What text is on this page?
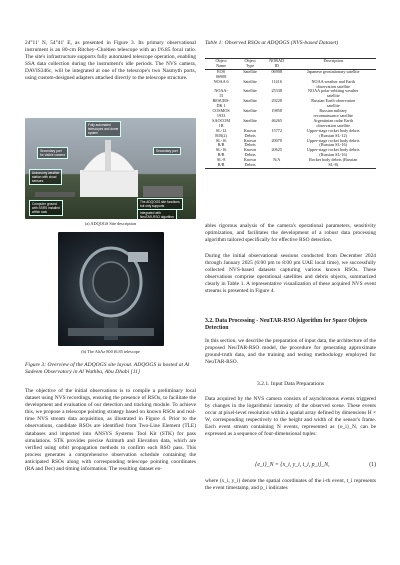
24°11' N, 54°41' E, as presented in Figure 3. Its primary observational instrument is an 80-cm Ritchey–Chrétien telescope with an f/6.85 focal ratio. The site's infrastructure supports fully automated telescope operation, enabling SSA data collection during the instrument's idle periods. The NVS camera, DAVIS346c, will be integrated at one of the telescope's two Nasmyth ports, using custom-designed adapters attached directly to the telescope structure.

Fully automated
telescopes and dome
system
Secondary port
for visible camera
Secondary port
Astronomy weather
station with cloud
sensors
Computer ground
with SSRS installed
within rack
The ADQOGS site functions
but only supports
Integrated with
NeuTAR-RSO algorithm
(a) ADQOGS Site description
(b) The AltAz 800 f6.85 telescope
Figure 3: Overview of the ADQOGS site layout. ADQOGS is hosted at Al Sadeem Observatory in Al Wathba, Abu Dhabi [11]

The objective of the initial observations is to compile a preliminary local dataset using NVS recordings, ensuring the presence of RSOs, to facilitate the development and evaluation of our detection and tracking module. To achieve this, we propose a telescope pointing strategy based on known RSOs and real-time NVS stream data acquisition, as illustrated in Figure 4. Prior to the observations, candidate RSOs are identified from Two-Line Element (TLE) databases and imported into ANSYS Systems Tool Kit (STK) for pass simulations. STK provides precise Azimuth and Elevation data, which are verified using orbit propagation methods to confirm each RSO pass. This process generates a comprehensive observation schedule containing the anticipated RSOs along with corresponding telescope pointing coordinates (RA and Dec) and timing information. The resulting dataset en-

Table 1: Observed RSOs at ADQOGS (NVS-based Dataset)
Object
Name	Object
Type	NORAD
ID	Description
EOS
06908	Satellite	06908	Japanese geostationary satellite
NOAA 6	Satellite	11416	NOAA weather and Earth
observation satellite
NOAA-
15	Satellite	25338	NOAA polar-orbiting weather
satellite
RESURS-
DK 1	Satellite	29228	Russian Earth observation
satellite
COSMOS
1933	Satellite	19858	Russian military
reconnaissance satellite
SAOCOM
1B	Satellite	46265	Argentinian radar Earth
observation satellite
SL-12
R/B(2)	Known
Debris	15772	Upper-stage rocket body debris
(Russian SL-12)
SL-16
R/B	Known
Debris	20070	Upper-stage rocket body debris
(Russian SL-16)
SL-16
R/B	Known
Debris	20625	Upper-stage rocket body debris
(Russian SL-16)
SL-8
R/B	Known
Debris	N/A	Rocket body debris (Russian
SL-8)

ables rigorous analysis of the camera's operational parameters, sensitivity optimization, and facilitates the development of a robust data processing algorithm tailored specifically for effective RSO detection.

During the initial observational sessions conducted from December 2024 through January 2025 (6:00 pm to 8:00 pm UAE local time), we successfully collected NVS-based datasets capturing various known RSOs. These observations comprise operational satellites and debris objects, summarized clearly in Table 1. A representative visualization of these acquired NVS event streams is presented in Figure 4.

3.2. Data Processing - NeuTAR-RSO Algorithm for Space Objects Detection

In this section, we describe the preparation of input data, the architecture of the proposed NeuTAR-RSO model, the procedure for generating approximate ground-truth data, and the training and testing methodology employed for NeuTAR-RSO.

3.2.1. Input Data Preparations

Data acquired by the NVS camera consists of asynchronous events triggered by changes in the logarithmic intensity of the observed scene. These events occur at pixel-level resolution within a spatial array defined by dimensions H × W, corresponding respectively to the height and width of the sensor's frame. Each event stream containing N events, represented as {e_i}_N, can be expressed as a sequence of four-dimensional tuples:

{e_i}_N = {x_i, y_i, t_i, p_i}_N,	(1)

where (x_i, y_i) denote the spatial coordinates of the i-th event, t_i represents the event timestamp, and p_i indicates
